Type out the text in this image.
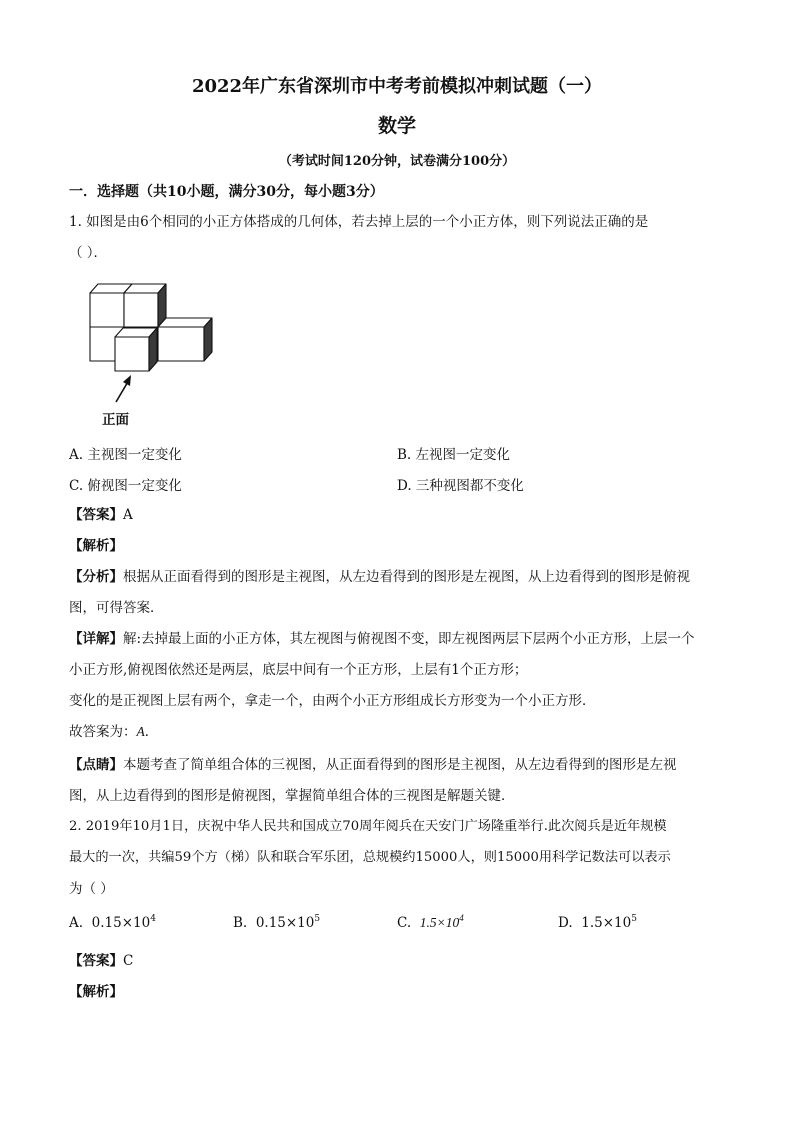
2022年广东省深圳市中考考前模拟冲刺试题（一）
数学
（考试时间120分钟，试卷满分100分）
一．选择题（共10小题，满分30分，每小题3分）
1. 如图是由6个相同的小正方体搭成的几何体，若去掉上层的一个小正方体，则下列说法正确的是
（ ）．
正面
A. 主视图一定变化	B. 左视图一定变化
C. 俯视图一定变化	D. 三种视图都不变化
【答案】A
【解析】
【分析】根据从正面看得到的图形是主视图，从左边看得到的图形是左视图，从上边看得到的图形是俯视
图，可得答案．
【详解】解:去掉最上面的小正方体，其左视图与俯视图不变，即左视图两层下层两个小正方形，上层一个
小正方形,俯视图依然还是两层，底层中间有一个正方形，上层有1个正方形；
变化的是正视图上层有两个，拿走一个，由两个小正方形组成长方形变为一个小正方形．
故答案为：A．
【点睛】本题考查了简单组合体的三视图，从正面看得到的图形是主视图，从左边看得到的图形是左视
图，从上边看得到的图形是俯视图，掌握简单组合体的三视图是解题关键．
2. 2019年10月1日，庆祝中华人民共和国成立70周年阅兵在天安门广场隆重举行.此次阅兵是近年规模
最大的一次，共编59个方（梯）队和联合军乐团，总规模约15000人，则15000用科学记数法可以表示
为（ ）
A. $0.15\times 10^4$	B. $0.15\times 10^5$	C. $1.5\times 10^4$	D. $1.5\times 10^5$
【答案】C
【解析】
